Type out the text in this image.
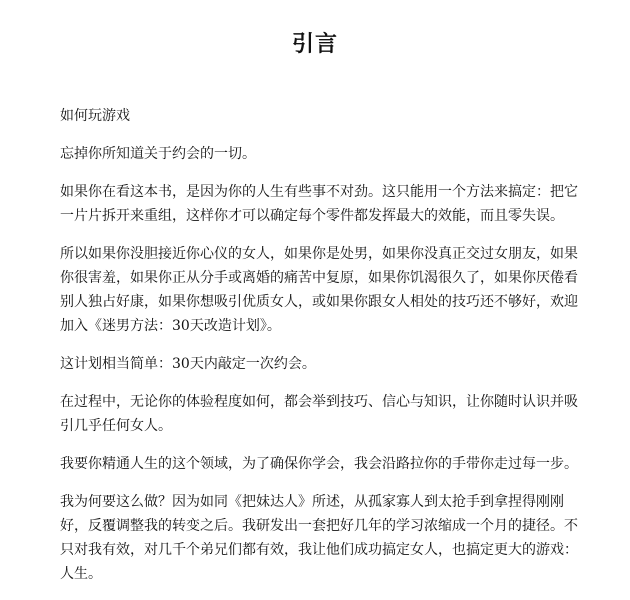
引言

如何玩游戏

忘掉你所知道关于约会的一切。

如果你在看这本书，是因为你的人生有些事不对劲。这只能用一个方法来搞定：把它一片片拆开来重组，这样你才可以确定每个零件都发挥最大的效能，而且零失误。

所以如果你没胆接近你心仪的女人，如果你是处男，如果你没真正交过女朋友，如果你很害羞，如果你正从分手或离婚的痛苦中复原，如果你饥渴很久了，如果你厌倦看别人独占好康，如果你想吸引优质女人，或如果你跟女人相处的技巧还不够好，欢迎加入《迷男方法：30天改造计划》。

这计划相当简单：30天内敲定一次约会。

在过程中，无论你的体验程度如何，都会举到技巧、信心与知识，让你随时认识并吸引几乎任何女人。

我要你精通人生的这个领域，为了确保你学会，我会沿路拉你的手带你走过每一步。

我为何要这么做？因为如同《把妹达人》所述，从孤家寡人到太抢手到拿捏得刚刚好，反覆调整我的转变之后。我研发出一套把好几年的学习浓缩成一个月的捷径。不只对我有效，对几千个弟兄们都有效，我让他们成功搞定女人，也搞定更大的游戏：人生。
